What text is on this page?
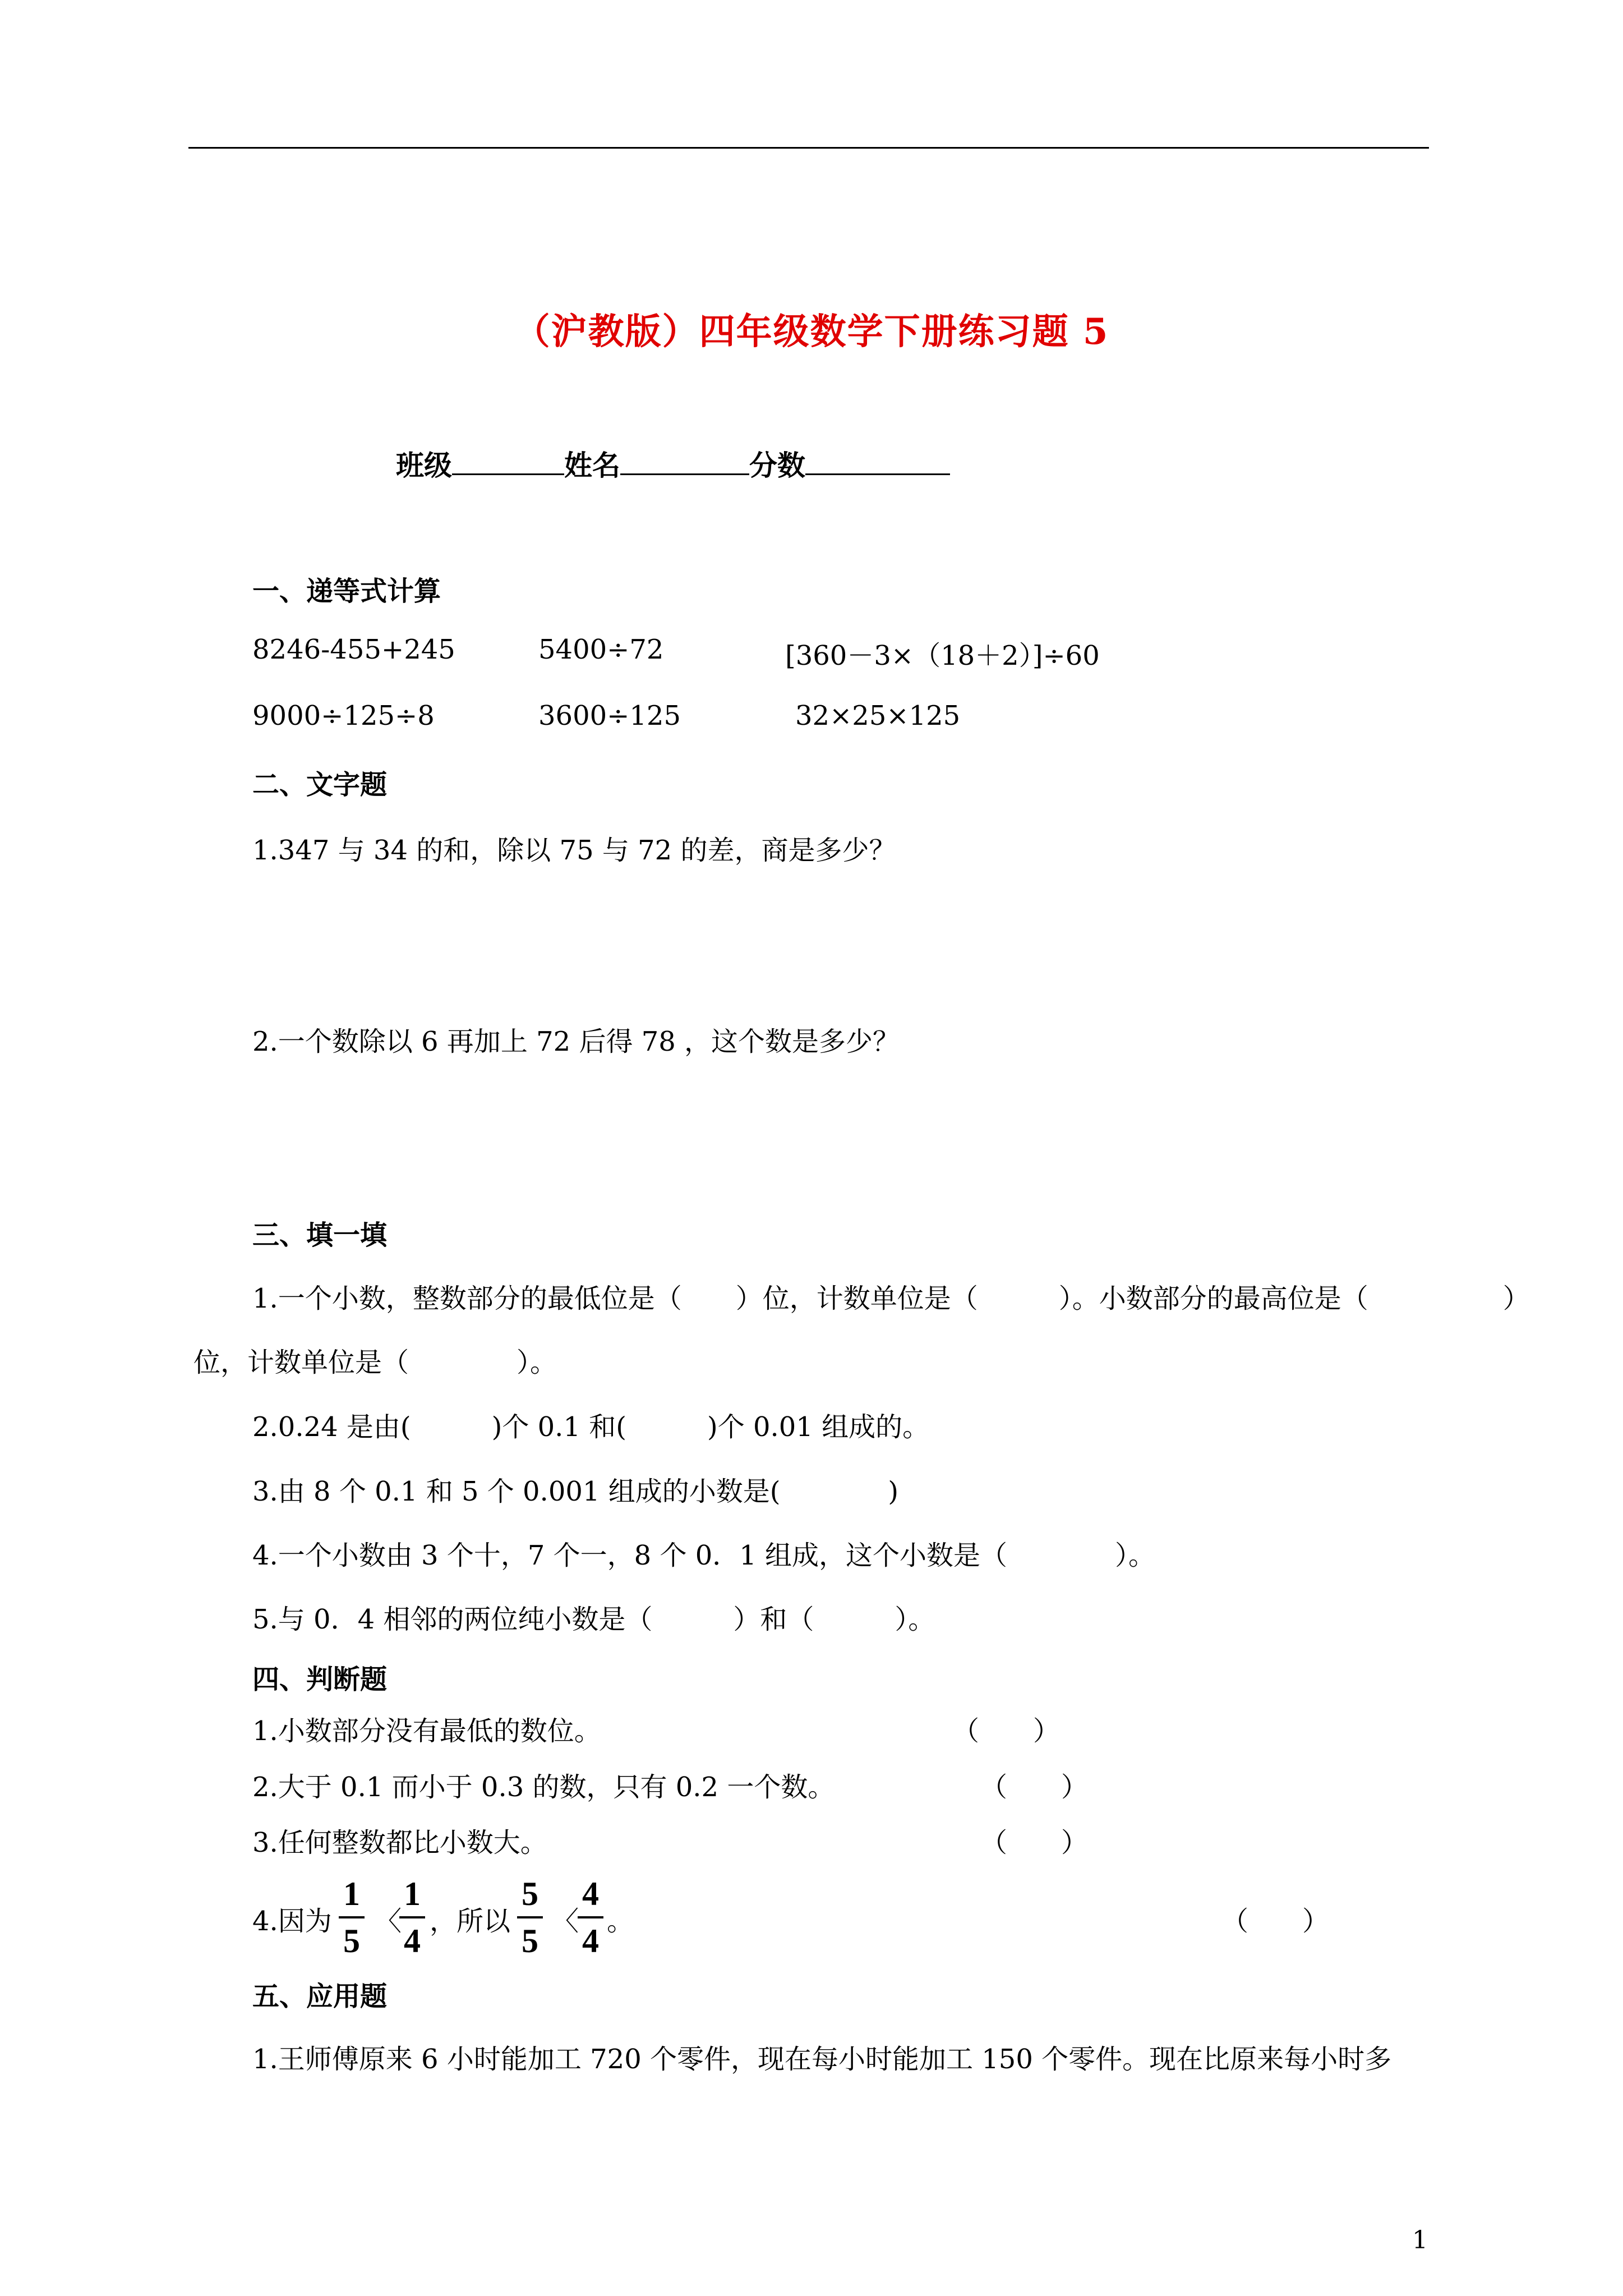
（沪教版）四年级数学下册练习题 5
班级	姓名	分数
一、递等式计算
8246-455+245	5400÷72	[360－3×（18＋2）]÷60
9000÷125÷8	3600÷125	32×25×125
二、文字题
1.347 与 34 的和，除以 75 与 72 的差，商是多少？
2.一个数除以 6 再加上 72 后得 78 ，这个数是多少？
三、填一填
1.一个小数，整数部分的最低位是（　　）位，计数单位是（　　　）。小数部分的最高位是（　　　　　）
位，计数单位是（　　　　）。
2.0.24 是由(　　　)个 0.1 和(　　　)个 0.01 组成的。
3.由 8 个 0.1 和 5 个 0.001 组成的小数是(　　　　)
4.一个小数由 3 个十，7 个一，8 个 0．1 组成，这个小数是（　　　　）。
5.与 0．4 相邻的两位纯小数是（　　　）和（　　　）。
四、判断题
1.小数部分没有最低的数位。	（　　）
2.大于 0.1 而小于 0.3 的数，只有 0.2 一个数。	（　　）
3.任何整数都比小数大。	（　　）
4.因为
1
5
〈
1
4
，所以
5
5
〈
4
4
。	（　　）
五、应用题
1.王师傅原来 6 小时能加工 720 个零件，现在每小时能加工 150 个零件。现在比原来每小时多
1
